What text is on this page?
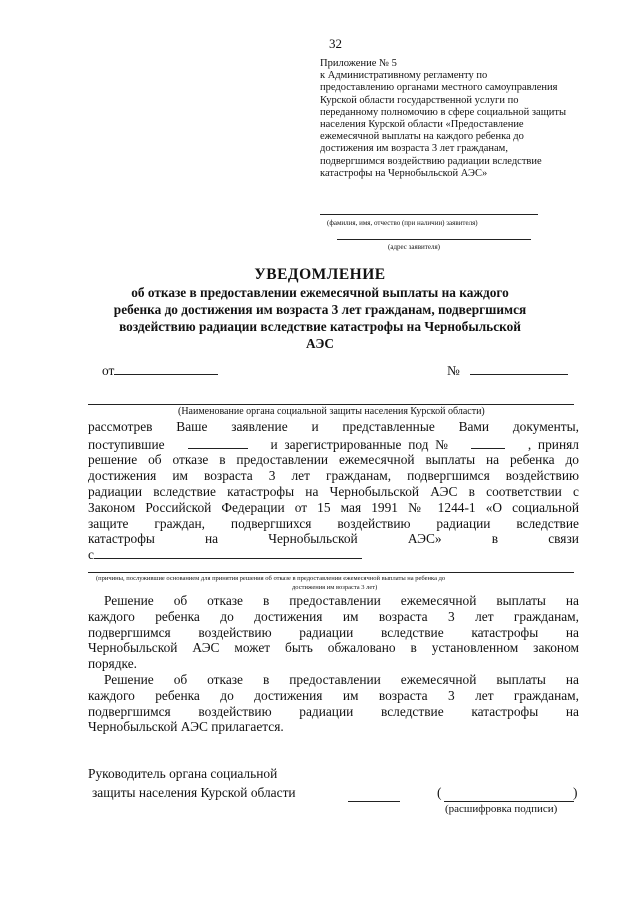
32
Приложение № 5
к Административному регламенту по
предоставлению органами местного самоуправления
Курской области государственной услуги по
переданному полномочию в сфере социальной защиты
населения Курской области «Предоставление
ежемесячной выплаты на каждого ребенка до
достижения им возраста 3 лет гражданам,
подвергшимся воздействию радиации вследствие
катастрофы на Чернобыльской АЭС»
(фамилия, имя, отчество (при наличии) заявителя)
(адрес заявителя)
УВЕДОМЛЕНИЕ
об отказе в предоставлении ежемесячной выплаты на каждого
ребенка до достижения им возраста 3 лет гражданам, подвергшимся
воздействию радиации вследствие катастрофы на Чернобыльской
АЭС
от	№
(Наименование органа социальной защиты населения Курской области)
рассмотрев Ваше заявление и представленные Вами документы,
поступившие	и  зарегистрированные  под  №	,  принял
решение об отказе в предоставлении ежемесячной выплаты на ребенка до
достижения им возраста 3 лет гражданам, подвергшимся воздействию
радиации вследствие катастрофы на Чернобыльской АЭС в соответствии с
Законом Российской Федерации от 15 мая 1991 № 1244-1 «О социальной
защите граждан, подвергшихся воздействию радиации вследствие
катастрофы	на	Чернобыльской	АЭС»	в	связи
с
(причины, послужившие основанием для принятия решения об отказе в предоставлении ежемесячной выплаты на ребенка до
достижения им возраста 3 лет)
Решение об отказе в предоставлении ежемесячной выплаты на
каждого ребенка до достижения им возраста 3 лет гражданам,
подвергшимся воздействию радиации вследствие катастрофы на
Чернобыльской АЭС может быть обжаловано в установленном законом
порядке.
Решение об отказе в предоставлении ежемесячной выплаты на
каждого ребенка до достижения им возраста 3 лет гражданам,
подвергшимся воздействию радиации вследствие катастрофы на
Чернобыльской АЭС прилагается.
Руководитель органа социальной
защиты населения Курской области	(	)
(расшифровка подписи)
